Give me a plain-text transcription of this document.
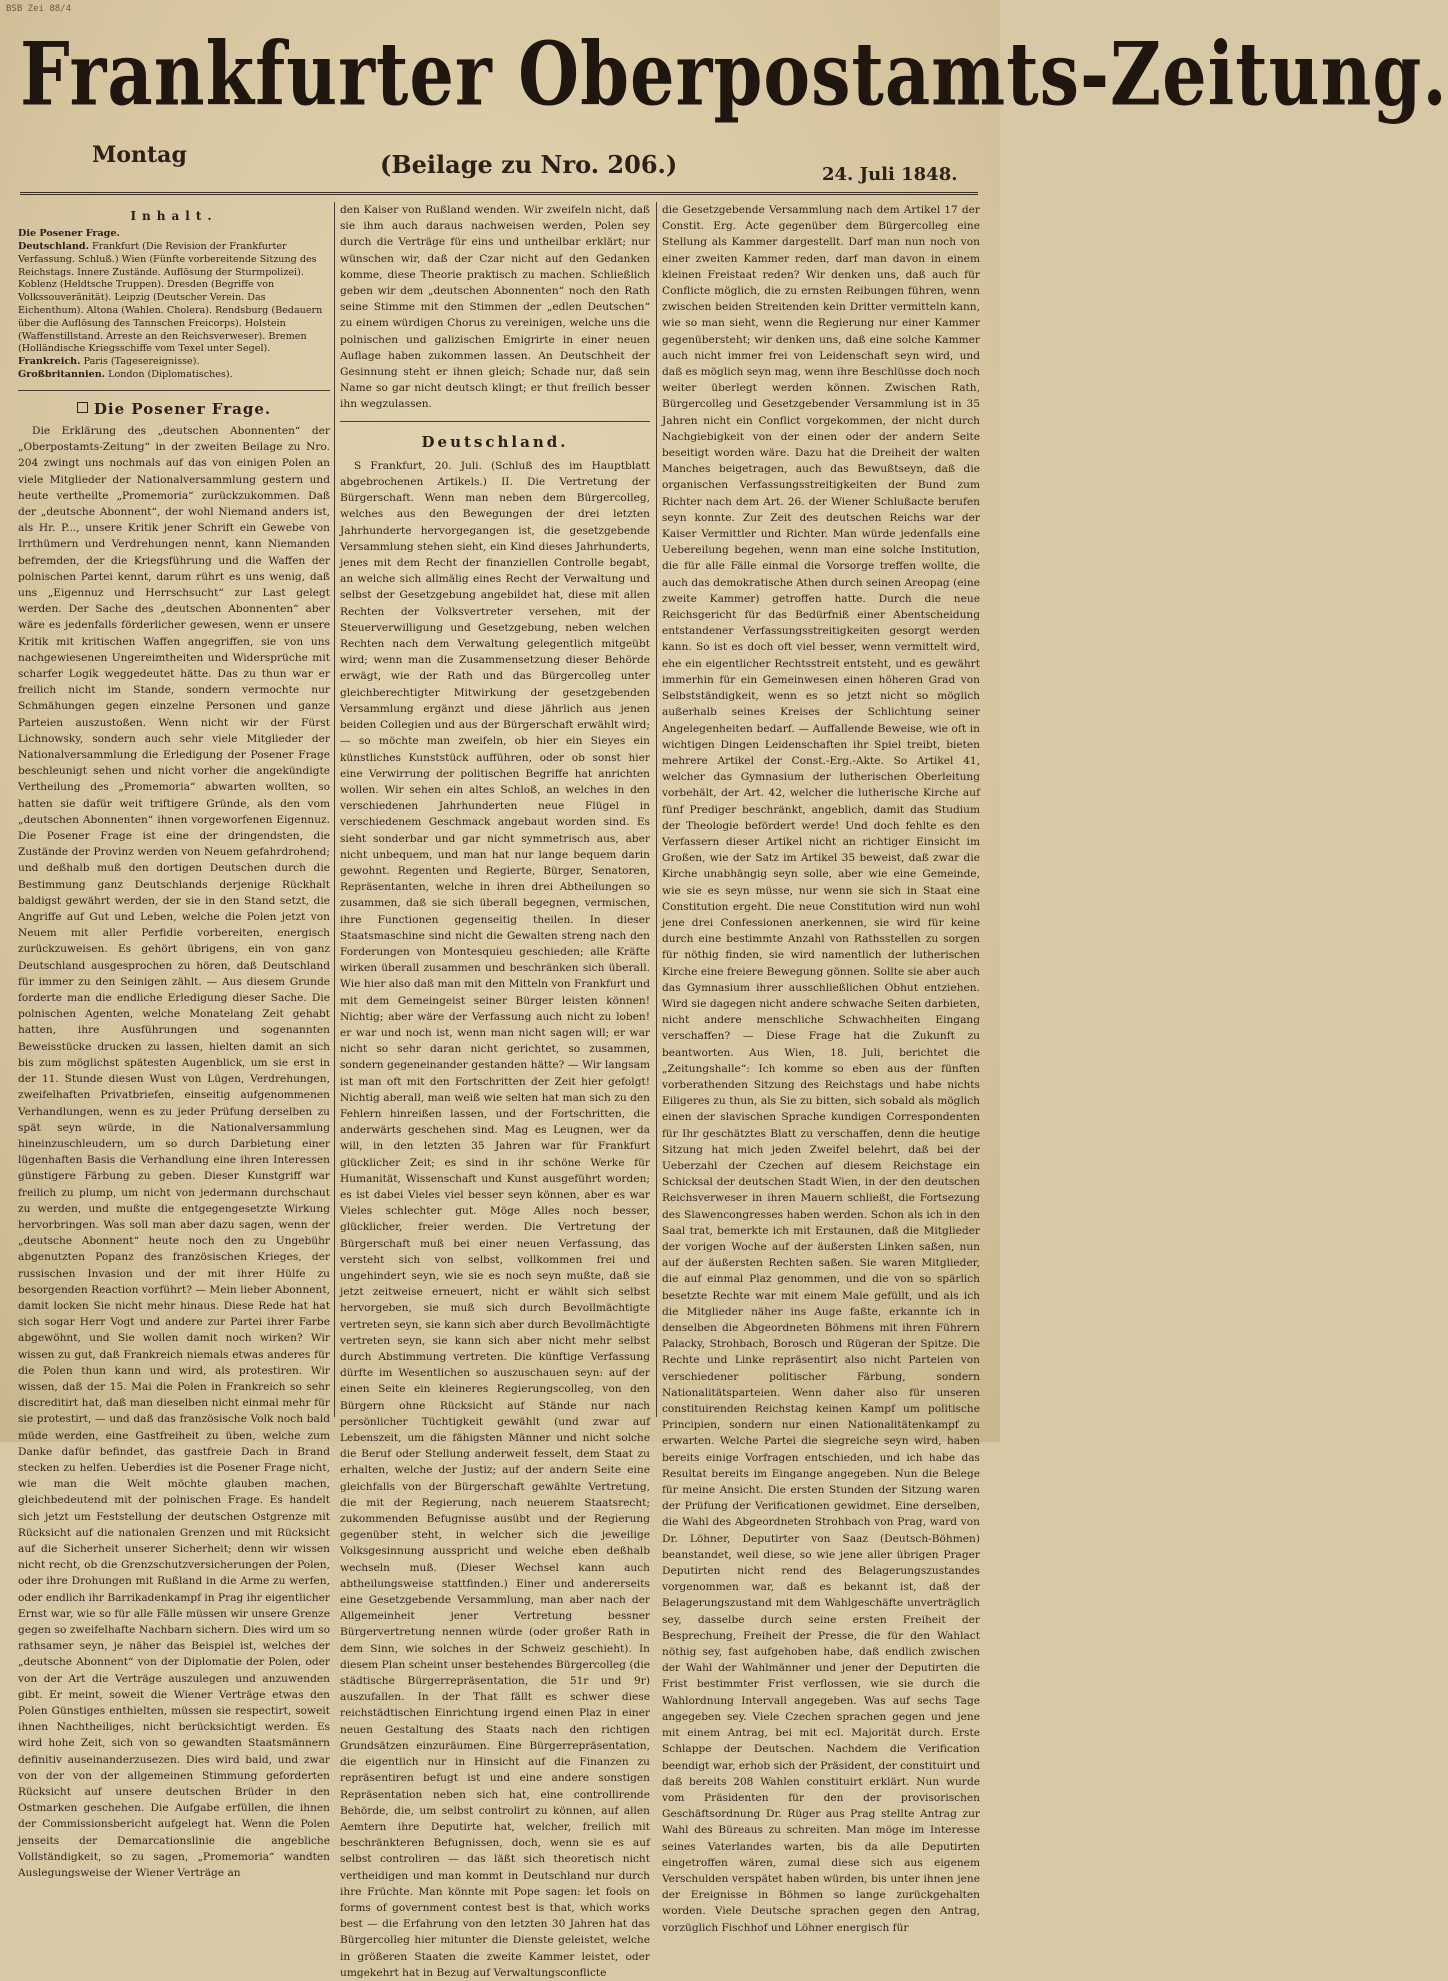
BSB Zei 88/4
Frankfurter Oberpostamts-Zeitung.
Montag	(Beilage zu Nro. 206.)	24. Juli 1848.
Inhalt.

Die Posener Frage.

Deutschland. Frankfurt (Die Revision der Frankfurter Verfassung. Schluß.) Wien (Fünfte vorbereitende Sitzung des Reichstags. Innere Zustände. Auflösung der Sturmpolizei). Koblenz (Heldtsche Truppen). Dresden (Begriffe von Volkssouveränität). Leipzig (Deutscher Verein. Das Eichenthum). Altona (Wahlen. Cholera). Rendsburg (Bedauern über die Auflösung des Tannschen Freicorps). Holstein (Waffenstillstand. Arreste an den Reichsverweser). Bremen (Holländische Kriegsschiffe vom Texel unter Segel).

Frankreich. Paris (Tagesereignisse).

Großbritannien. London (Diplomatisches).

Die Posener Frage.

Die Erklärung des „deutschen Abonnenten“ der „Oberpostamts-Zeitung“ in der zweiten Beilage zu Nro. 204 zwingt uns nochmals auf das von einigen Polen an viele Mitglieder der Nationalversammlung gestern und heute vertheilte „Promemoria“ zurückzukommen. Daß der „deutsche Abonnent“, der wohl Niemand anders ist, als Hr. P..., unsere Kritik jener Schrift ein Gewebe von Irrthümern und Verdrehungen nennt, kann Niemanden befremden, der die Kriegsführung und die Waffen der polnischen Partei kennt, darum rührt es uns wenig, daß uns „Eigennuz und Herrschsucht“ zur Last gelegt werden. Der Sache des „deutschen Abonnenten“ aber wäre es jedenfalls förderlicher gewesen, wenn er unsere Kritik mit kritischen Waffen angegriffen, sie von uns nachgewiesenen Ungereimtheiten und Widersprüche mit scharfer Logik weggedeutet hätte. Das zu thun war er freilich nicht im Stande, sondern vermochte nur Schmähungen gegen einzelne Personen und ganze Parteien auszustoßen. Wenn nicht wir der Fürst Lichnowsky, sondern auch sehr viele Mitglieder der Nationalversammlung die Erledigung der Posener Frage beschleunigt sehen und nicht vorher die angekündigte Vertheilung des „Promemoria“ abwarten wollten, so hatten sie dafür weit triftigere Gründe, als den vom „deutschen Abonnenten“ ihnen vorgeworfenen Eigennuz. Die Posener Frage ist eine der dringendsten, die Zustände der Provinz werden von Neuem gefahrdrohend; und deßhalb muß den dortigen Deutschen durch die Bestimmung ganz Deutschlands derjenige Rückhalt baldigst gewährt werden, der sie in den Stand setzt, die Angriffe auf Gut und Leben, welche die Polen jetzt von Neuem mit aller Perfidie vorbereiten, energisch zurückzuweisen. Es gehört übrigens, ein von ganz Deutschland ausgesprochen zu hören, daß Deutschland für immer zu den Seinigen zählt. — Aus diesem Grunde forderte man die endliche Erledigung dieser Sache. Die polnischen Agenten, welche Monatelang Zeit gehabt hatten, ihre Ausführungen und sogenannten Beweisstücke drucken zu lassen, hielten damit an sich bis zum möglichst spätesten Augenblick, um sie erst in der 11. Stunde diesen Wust von Lügen, Verdrehungen, zweifelhaften Privatbriefen, einseitig aufgenommenen Verhandlungen, wenn es zu jeder Prüfung derselben zu spät seyn würde, in die Nationalversammlung hineinzuschleudern, um so durch Darbietung einer lügenhaften Basis die Verhandlung eine ihren Interessen günstigere Färbung zu geben. Dieser Kunstgriff war freilich zu plump, um nicht von jedermann durchschaut zu werden, und mußte die entgegengesetzte Wirkung hervorbringen. Was soll man aber dazu sagen, wenn der „deutsche Abonnent“ heute noch den zu Ungebühr abgenutzten Popanz des französischen Krieges, der russischen Invasion und der mit ihrer Hülfe zu besorgenden Reaction vorführt? — Mein lieber Abonnent, damit locken Sie nicht mehr hinaus. Diese Rede hat hat sich sogar Herr Vogt und andere zur Partei ihrer Farbe abgewöhnt, und Sie wollen damit noch wirken? Wir wissen zu gut, daß Frankreich niemals etwas anderes für die Polen thun kann und wird, als protestiren. Wir wissen, daß der 15. Mai die Polen in Frankreich so sehr discreditirt hat, daß man dieselben nicht einmal mehr für sie protestirt, — und daß das französische Volk noch bald müde werden, eine Gastfreiheit zu üben, welche zum Danke dafür befindet, das gastfreie Dach in Brand stecken zu helfen. Ueberdies ist die Posener Frage nicht, wie man die Welt möchte glauben machen, gleichbedeutend mit der polnischen Frage. Es handelt sich jetzt um Feststellung der deutschen Ostgrenze mit Rücksicht auf die nationalen Grenzen und mit Rücksicht auf die Sicherheit unserer Sicherheit; denn wir wissen nicht recht, ob die Grenzschutzversicherungen der Polen, oder ihre Drohungen mit Rußland in die Arme zu werfen, oder endlich ihr Barrikadenkampf in Prag ihr eigentlicher Ernst war, wie so für alle Fälle müssen wir unsere Grenze gegen so zweifelhafte Nachbarn sichern. Dies wird um so rathsamer seyn, je näher das Beispiel ist, welches der „deutsche Abonnent“ von der Diplomatie der Polen, oder von der Art die Verträge auszulegen und anzuwenden gibt. Er meint, soweit die Wiener Verträge etwas den Polen Günstiges enthielten, müssen sie respectirt, soweit ihnen Nachtheiliges, nicht berücksichtigt werden. Es wird hohe Zeit, sich von so gewandten Staatsmännern definitiv auseinanderzusezen. Dies wird bald, und zwar von der von der allgemeinen Stimmung geforderten Rücksicht auf unsere deutschen Brüder in den Ostmarken geschehen. Die Aufgabe erfüllen, die ihnen der Commissionsbericht aufgelegt hat. Wenn die Polen jenseits der Demarcationslinie die angebliche Vollständigkeit, so zu sagen, „Promemoria“ wandten Auslegungsweise der Wiener Verträge an

den Kaiser von Rußland wenden. Wir zweifeln nicht, daß sie ihm auch daraus nachweisen werden, Polen sey durch die Verträge für eins und untheilbar erklärt; nur wünschen wir, daß der Czar nicht auf den Gedanken komme, diese Theorie praktisch zu machen. Schließlich geben wir dem „deutschen Abonnenten“ noch den Rath seine Stimme mit den Stimmen der „edlen Deutschen“ zu einem würdigen Chorus zu vereinigen, welche uns die polnischen und galizischen Emigrirte in einer neuen Auflage haben zukommen lassen. An Deutschheit der Gesinnung steht er ihnen gleich; Schade nur, daß sein Name so gar nicht deutsch klingt; er thut freilich besser ihn wegzulassen.

Deutschland.

S Frankfurt, 20. Juli. (Schluß des im Hauptblatt abgebrochenen Artikels.) II. Die Vertretung der Bürgerschaft. Wenn man neben dem Bürgercolleg, welches aus den Bewegungen der drei letzten Jahrhunderte hervorgegangen ist, die gesetzgebende Versammlung stehen sieht, ein Kind dieses Jahrhunderts, jenes mit dem Recht der finanziellen Controlle begabt, an welche sich allmälig eines Recht der Verwaltung und selbst der Gesetzgebung angebildet hat, diese mit allen Rechten der Volksvertreter versehen, mit der Steuerverwilligung und Gesetzgebung, neben welchen Rechten nach dem Verwaltung gelegentlich mitgeübt wird; wenn man die Zusammensetzung dieser Behörde erwägt, wie der Rath und das Bürgercolleg unter gleichberechtigter Mitwirkung der gesetzgebenden Versammlung ergänzt und diese jährlich aus jenen beiden Collegien und aus der Bürgerschaft erwählt wird; — so möchte man zweifeln, ob hier ein Sieyes ein künstliches Kunststück aufführen, oder ob sonst hier eine Verwirrung der politischen Begriffe hat anrichten wollen. Wir sehen ein altes Schloß, an welches in den verschiedenen Jahrhunderten neue Flügel in verschiedenem Geschmack angebaut worden sind. Es sieht sonderbar und gar nicht symmetrisch aus, aber nicht unbequem, und man hat nur lange bequem darin gewohnt. Regenten und Regierte, Bürger, Senatoren, Repräsentanten, welche in ihren drei Abtheilungen so zusammen, daß sie sich überall begegnen, vermischen, ihre Functionen gegenseitig theilen. In dieser Staatsmaschine sind nicht die Gewalten streng nach den Forderungen von Montesquieu geschieden; alle Kräfte wirken überall zusammen und beschränken sich überall. Wie hier also daß man mit den Mitteln von Frankfurt und mit dem Gemeingeist seiner Bürger leisten können! Nichtig; aber wäre der Verfassung auch nicht zu loben! er war und noch ist, wenn man nicht sagen will; er war nicht so sehr daran nicht gerichtet, so zusammen, sondern gegeneinander gestanden hätte? — Wir langsam ist man oft mit den Fortschritten der Zeit hier gefolgt! Nichtig aberall, man weiß wie selten hat man sich zu den Fehlern hinreißen lassen, und der Fortschritten, die anderwärts geschehen sind. Mag es Leugnen, wer da will, in den letzten 35 Jahren war für Frankfurt glücklicher Zeit; es sind in ihr schöne Werke für Humanität, Wissenschaft und Kunst ausgeführt worden; es ist dabei Vieles viel besser seyn können, aber es war Vieles schlechter gut. Möge Alles noch besser, glücklicher, freier werden. Die Vertretung der Bürgerschaft muß bei einer neuen Verfassung, das versteht sich von selbst, vollkommen frei und ungehindert seyn, wie sie es noch seyn mußte, daß sie jetzt zeitweise erneuert, nicht er wählt sich selbst hervorgeben, sie muß sich durch Bevollmächtigte vertreten seyn, sie kann sich aber durch Bevollmächtigte vertreten seyn, sie kann sich aber nicht mehr selbst durch Abstimmung vertreten. Die künftige Verfassung dürfte im Wesentlichen so auszuschauen seyn: auf der einen Seite ein kleineres Regierungscolleg, von den Bürgern ohne Rücksicht auf Stände nur nach persönlicher Tüchtigkeit gewählt (und zwar auf Lebenszeit, um die fähigsten Männer und nicht solche die Beruf oder Stellung anderweit fesselt, dem Staat zu erhalten, welche der Justiz; auf der andern Seite eine gleichfalls von der Bürgerschaft gewählte Vertretung, die mit der Regierung, nach neuerem Staatsrecht; zukommenden Befugnisse ausübt und der Regierung gegenüber steht, in welcher sich die jeweilige Volksgesinnung ausspricht und welche eben deßhalb wechseln muß. (Dieser Wechsel kann auch abtheilungsweise stattfinden.) Einer und andererseits eine Gesetzgebende Versammlung, man aber nach der Allgemeinheit jener Vertretung bessner Bürgervertretung nennen würde (oder großer Rath in dem Sinn, wie solches in der Schweiz geschieht). In diesem Plan scheint unser bestehendes Bürgercolleg (die städtische Bürgerrepräsentation, die 51r und 9r) auszufallen. In der That fällt es schwer diese reichstädtischen Einrichtung irgend einen Plaz in einer neuen Gestaltung des Staats nach den richtigen Grundsätzen einzuräumen. Eine Bürgerrepräsentation, die eigentlich nur in Hinsicht auf die Finanzen zu repräsentiren befugt ist und eine andere sonstigen Repräsentation neben sich hat, eine controllirende Behörde, die, um selbst controlirt zu können, auf allen Aemtern ihre Deputirte hat, welcher, freilich mit beschränkteren Befugnissen, doch, wenn sie es auf selbst controliren — das läßt sich theoretisch nicht vertheidigen und man kommt in Deutschland nur durch ihre Früchte. Man könnte mit Pope sagen: let fools on forms of government contest best is that, which works best — die Erfahrung von den letzten 30 Jahren hat das Bürgercolleg hier mitunter die Dienste geleistet, welche in größeren Staaten die zweite Kammer leistet, oder umgekehrt hat in Bezug auf Verwaltungsconflicte

die Gesetzgebende Versammlung nach dem Artikel 17 der Constit. Erg. Acte gegenüber dem Bürgercolleg eine Stellung als Kammer dargestellt. Darf man nun noch von einer zweiten Kammer reden, darf man davon in einem kleinen Freistaat reden? Wir denken uns, daß auch für Conflicte möglich, die zu ernsten Reibungen führen, wenn zwischen beiden Streitenden kein Dritter vermitteln kann, wie so man sieht, wenn die Regierung nur einer Kammer gegenübersteht; wir denken uns, daß eine solche Kammer auch nicht immer frei von Leidenschaft seyn wird, und daß es möglich seyn mag, wenn ihre Beschlüsse doch noch weiter überlegt werden können. Zwischen Rath, Bürgercolleg und Gesetzgebender Versammlung ist in 35 Jahren nicht ein Conflict vorgekommen, der nicht durch Nachgiebigkeit von der einen oder der andern Seite beseitigt worden wäre. Dazu hat die Dreiheit der walten Manches beigetragen, auch das Bewußtseyn, daß die organischen Verfassungsstreitigkeiten der Bund zum Richter nach dem Art. 26. der Wiener Schlußacte berufen seyn konnte. Zur Zeit des deutschen Reichs war der Kaiser Vermittler und Richter. Man würde jedenfalls eine Uebereilung begehen, wenn man eine solche Institution, die für alle Fälle einmal die Vorsorge treffen wollte, die auch das demokratische Athen durch seinen Areopag (eine zweite Kammer) getroffen hatte. Durch die neue Reichsgericht für das Bedürfniß einer Abentscheidung entstandener Verfassungsstreitigkeiten gesorgt werden kann. So ist es doch oft viel besser, wenn vermittelt wird, ehe ein eigentlicher Rechtsstreit entsteht, und es gewährt immerhin für ein Gemeinwesen einen höheren Grad von Selbstständigkeit, wenn es so jetzt nicht so möglich außerhalb seines Kreises der Schlichtung seiner Angelegenheiten bedarf. — Auffallende Beweise, wie oft in wichtigen Dingen Leidenschaften ihr Spiel treibt, bieten mehrere Artikel der Const.-Erg.-Akte. So Artikel 41, welcher das Gymnasium der lutherischen Oberleitung vorbehält, der Art. 42, welcher die lutherische Kirche auf fünf Prediger beschränkt, angeblich, damit das Studium der Theologie befördert werde! Und doch fehlte es den Verfassern dieser Artikel nicht an richtiger Einsicht im Großen, wie der Satz im Artikel 35 beweist, daß zwar die Kirche unabhängig seyn solle, aber wie eine Gemeinde, wie sie es seyn müsse, nur wenn sie sich in Staat eine Constitution ergeht. Die neue Constitution wird nun wohl jene drei Confessionen anerkennen, sie wird für keine durch eine bestimmte Anzahl von Rathsstellen zu sorgen für nöthig finden, sie wird namentlich der lutherischen Kirche eine freiere Bewegung gönnen. Sollte sie aber auch das Gymnasium ihrer ausschließlichen Obhut entziehen. Wird sie dagegen nicht andere schwache Seiten darbieten, nicht andere menschliche Schwachheiten Eingang verschaffen? — Diese Frage hat die Zukunft zu beantworten. Aus Wien, 18. Juli, berichtet die „Zeitungshalle“: Ich komme so eben aus der fünften vorberathenden Sitzung des Reichstags und habe nichts Eiligeres zu thun, als Sie zu bitten, sich sobald als möglich einen der slavischen Sprache kundigen Correspondenten für Ihr geschätztes Blatt zu verschaffen, denn die heutige Sitzung hat mich jeden Zweifel belehrt, daß bei der Ueberzahl der Czechen auf diesem Reichstage ein Schicksal der deutschen Stadt Wien, in der den deutschen Reichsverweser in ihren Mauern schließt, die Fortsezung des Slawencongresses haben werden. Schon als ich in den Saal trat, bemerkte ich mit Erstaunen, daß die Mitglieder der vorigen Woche auf der äußersten Linken saßen, nun auf der äußersten Rechten saßen. Sie waren Mitglieder, die auf einmal Plaz genommen, und die von so spärlich besetzte Rechte war mit einem Male gefüllt, und als ich die Mitglieder näher ins Auge faßte, erkannte ich in denselben die Abgeordneten Böhmens mit ihren Führern Palacky, Strohbach, Borosch und Rügeran der Spitze. Die Rechte und Linke repräsentirt also nicht Parteien von verschiedener politischer Färbung, sondern Nationalitätsparteien. Wenn daher also für unseren constituirenden Reichstag keinen Kampf um politische Principien, sondern nur einen Nationalitätenkampf zu erwarten. Welche Partei die siegreiche seyn wird, haben bereits einige Vorfragen entschieden, und ich habe das Resultat bereits im Eingange angegeben. Nun die Belege für meine Ansicht. Die ersten Stunden der Sitzung waren der Prüfung der Verificationen gewidmet. Eine derselben, die Wahl des Abgeordneten Strohbach von Prag, ward von Dr. Löhner, Deputirter von Saaz (Deutsch-Böhmen) beanstandet, weil diese, so wie jene aller übrigen Prager Deputirten nicht rend des Belagerungszustandes vorgenommen war, daß es bekannt ist, daß der Belagerungszustand mit dem Wahlgeschäfte unverträglich sey, dasselbe durch seine ersten Freiheit der Besprechung, Freiheit der Presse, die für den Wahlact nöthig sey, fast aufgehoben habe, daß endlich zwischen der Wahl der Wahlmänner und jener der Deputirten die Frist bestimmter Frist verflossen, wie sie durch die Wahlordnung Intervall angegeben. Was auf sechs Tage angegeben sey. Viele Czechen sprachen gegen und jene mit einem Antrag, bei mit ecl. Majorität durch. Erste Schlappe der Deutschen. Nachdem die Verification beendigt war, erhob sich der Präsident, der constituirt und daß bereits 208 Wahlen constituirt erklärt. Nun wurde vom Präsidenten für den der provisorischen Geschäftsordnung Dr. Rüger aus Prag stellte Antrag zur Wahl des Büreaus zu schreiten. Man möge im Interesse seines Vaterlandes warten, bis da alle Deputirten eingetroffen wären, zumal diese sich aus eigenem Verschulden verspätet haben würden, bis unter ihnen jene der Ereignisse in Böhmen so lange zurückgehalten worden. Viele Deutsche sprachen gegen den Antrag, vorzüglich Fischhof und Löhner energisch für
